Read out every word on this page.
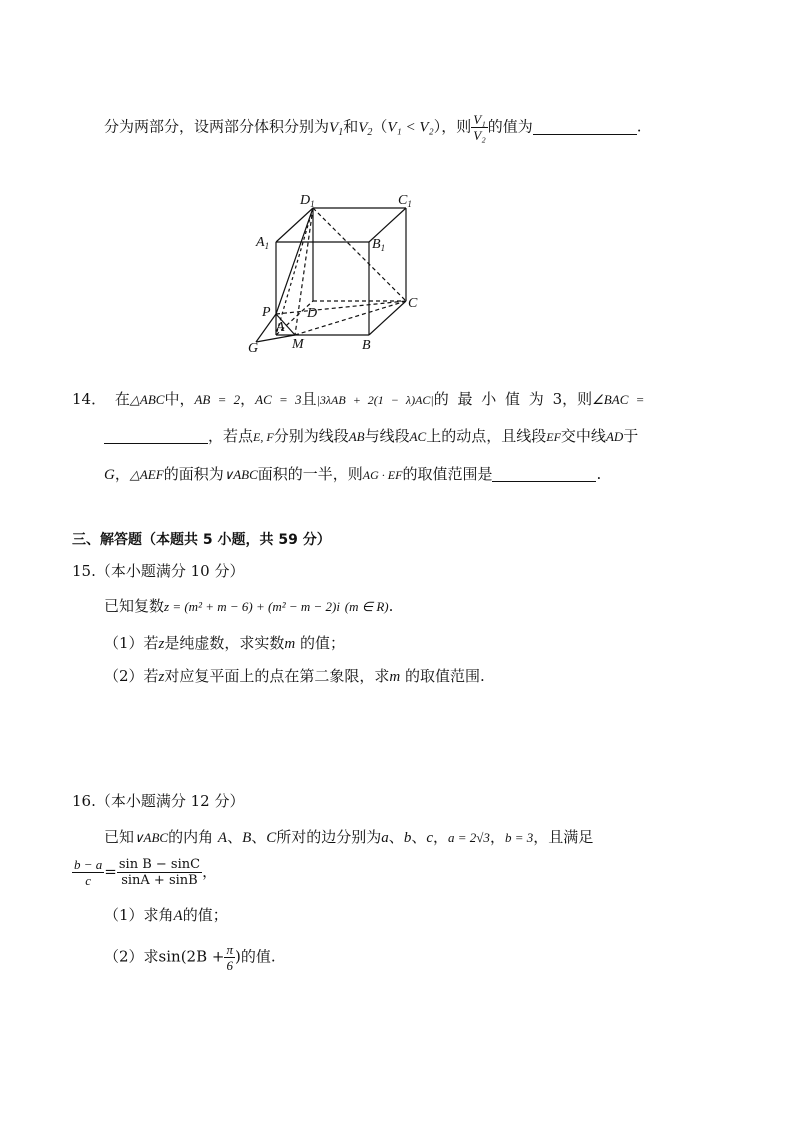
分为两部分，设两部分体积分别为$V_1$和$V_2(V_1 < V_2)$，则 $\frac{\text{V₁}}{\text{V₂}}$ 的值为	.
$D_1$	$C_1$
$A_1$	$B_1$
P	D
C
A
G M	B
14． 在△ABC中，AB = 2，AC = 3且|3λAB + 2(1 − λ)AC|的 最 小 值 为 3，则∠BAC =
，若点E, F分别为线段AB与线段AC上的动点，且线段EF交中线AD于
G，△AEF的面积为∨ABC面积的一半，则AG · EF的取值范围是	.
三、解答题（本题共 5 小题，共 59 分）
15.（本小题满分 10 分）
已知复数z = (m² + m − 6) + (m² − m − 2)i (m ∈ R).
（1）若z是纯虚数，求实数m 的值；
（2）若z对应复平面上的点在第二象限，求m 的取值范围.
16.（本小题满分 12 分）
已知∨ABC的内角 A、B、C所对的边分别为a、b、c，a = 2√3，b = 3，且满足
$\frac{b - a}{c} = \frac{\text{sin B − sinC}}{\sin A + \sin B}$ ，
（1）求角A的值；
（2）求$\sin(2B + \frac{\pi}{6}$ )的值.
